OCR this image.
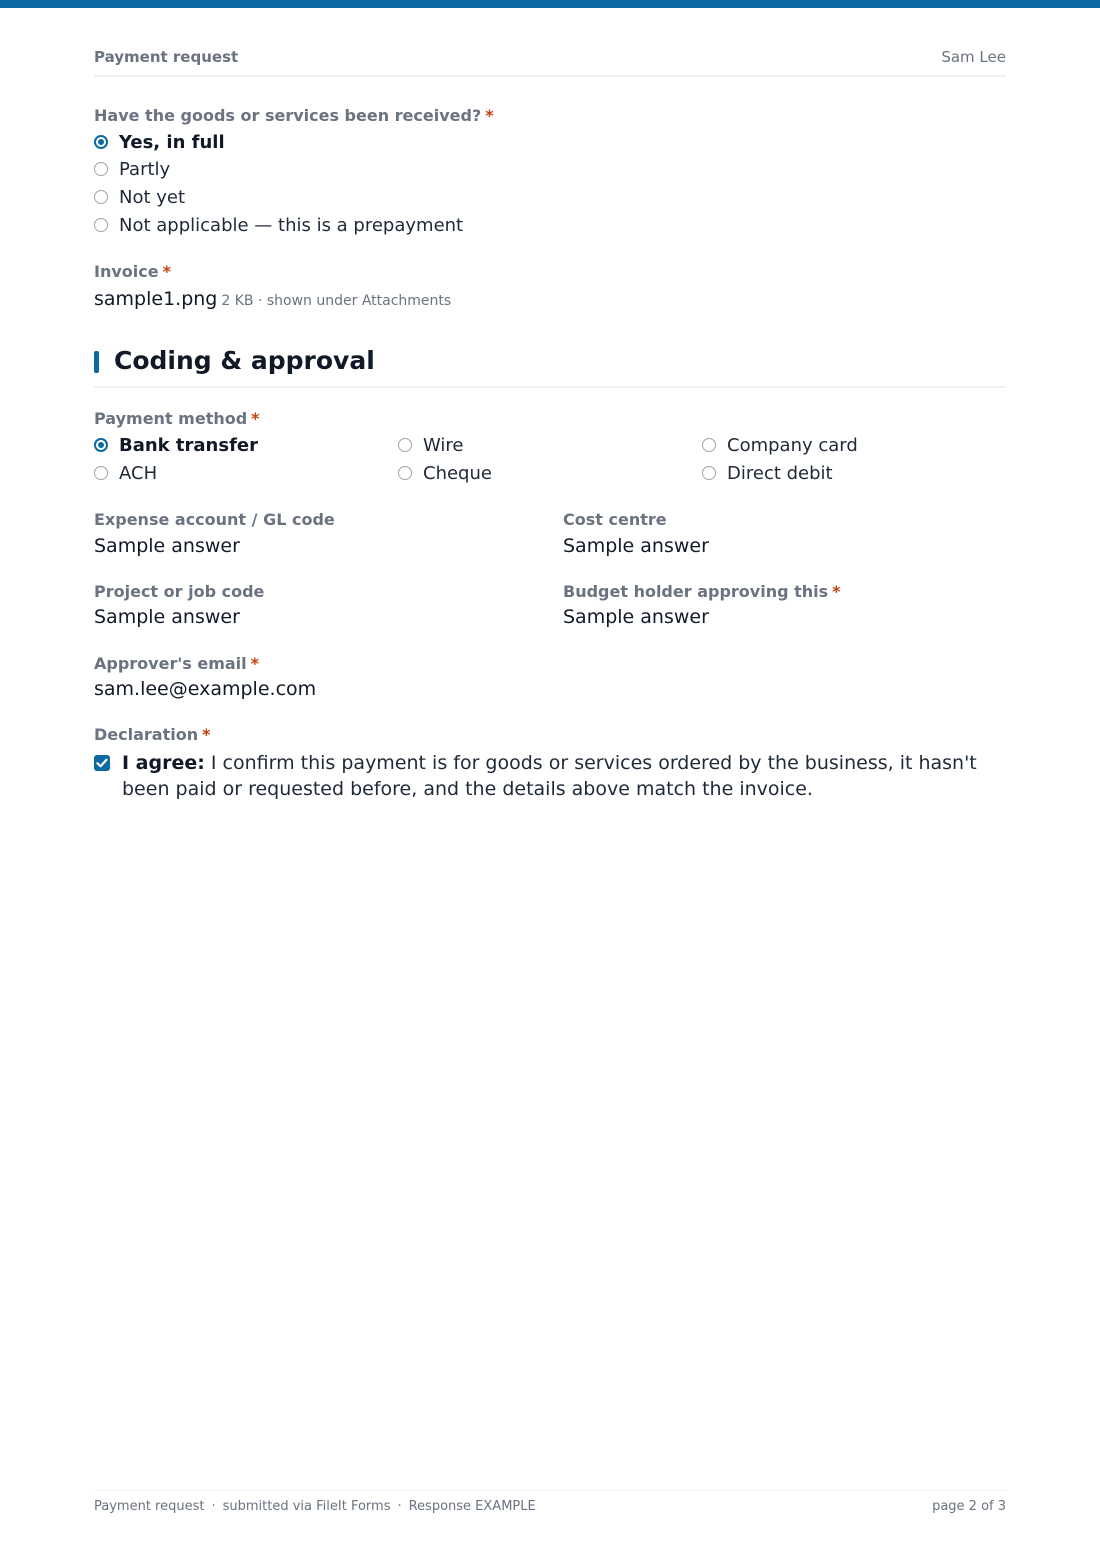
Payment request	Sam Lee
Have the goods or services been received? *
Yes, in full
Partly
Not yet
Not applicable — this is a prepayment
Invoice *
sample1.png 2 KB · shown under Attachments
Coding & approval
Payment method *
Bank transfer	Wire	Company card
ACH	Cheque	Direct debit
Expense account / GL code
Sample answer
Cost centre
Sample answer
Project or job code
Sample answer
Budget holder approving this *
Sample answer
Approver's email *
sam.lee@example.com
Declaration *
I agree: I confirm this payment is for goods or services ordered by the business, it hasn't been paid or requested before, and the details above match the invoice.
Payment request · submitted via FileIt Forms · Response EXAMPLE	page 2 of 3
